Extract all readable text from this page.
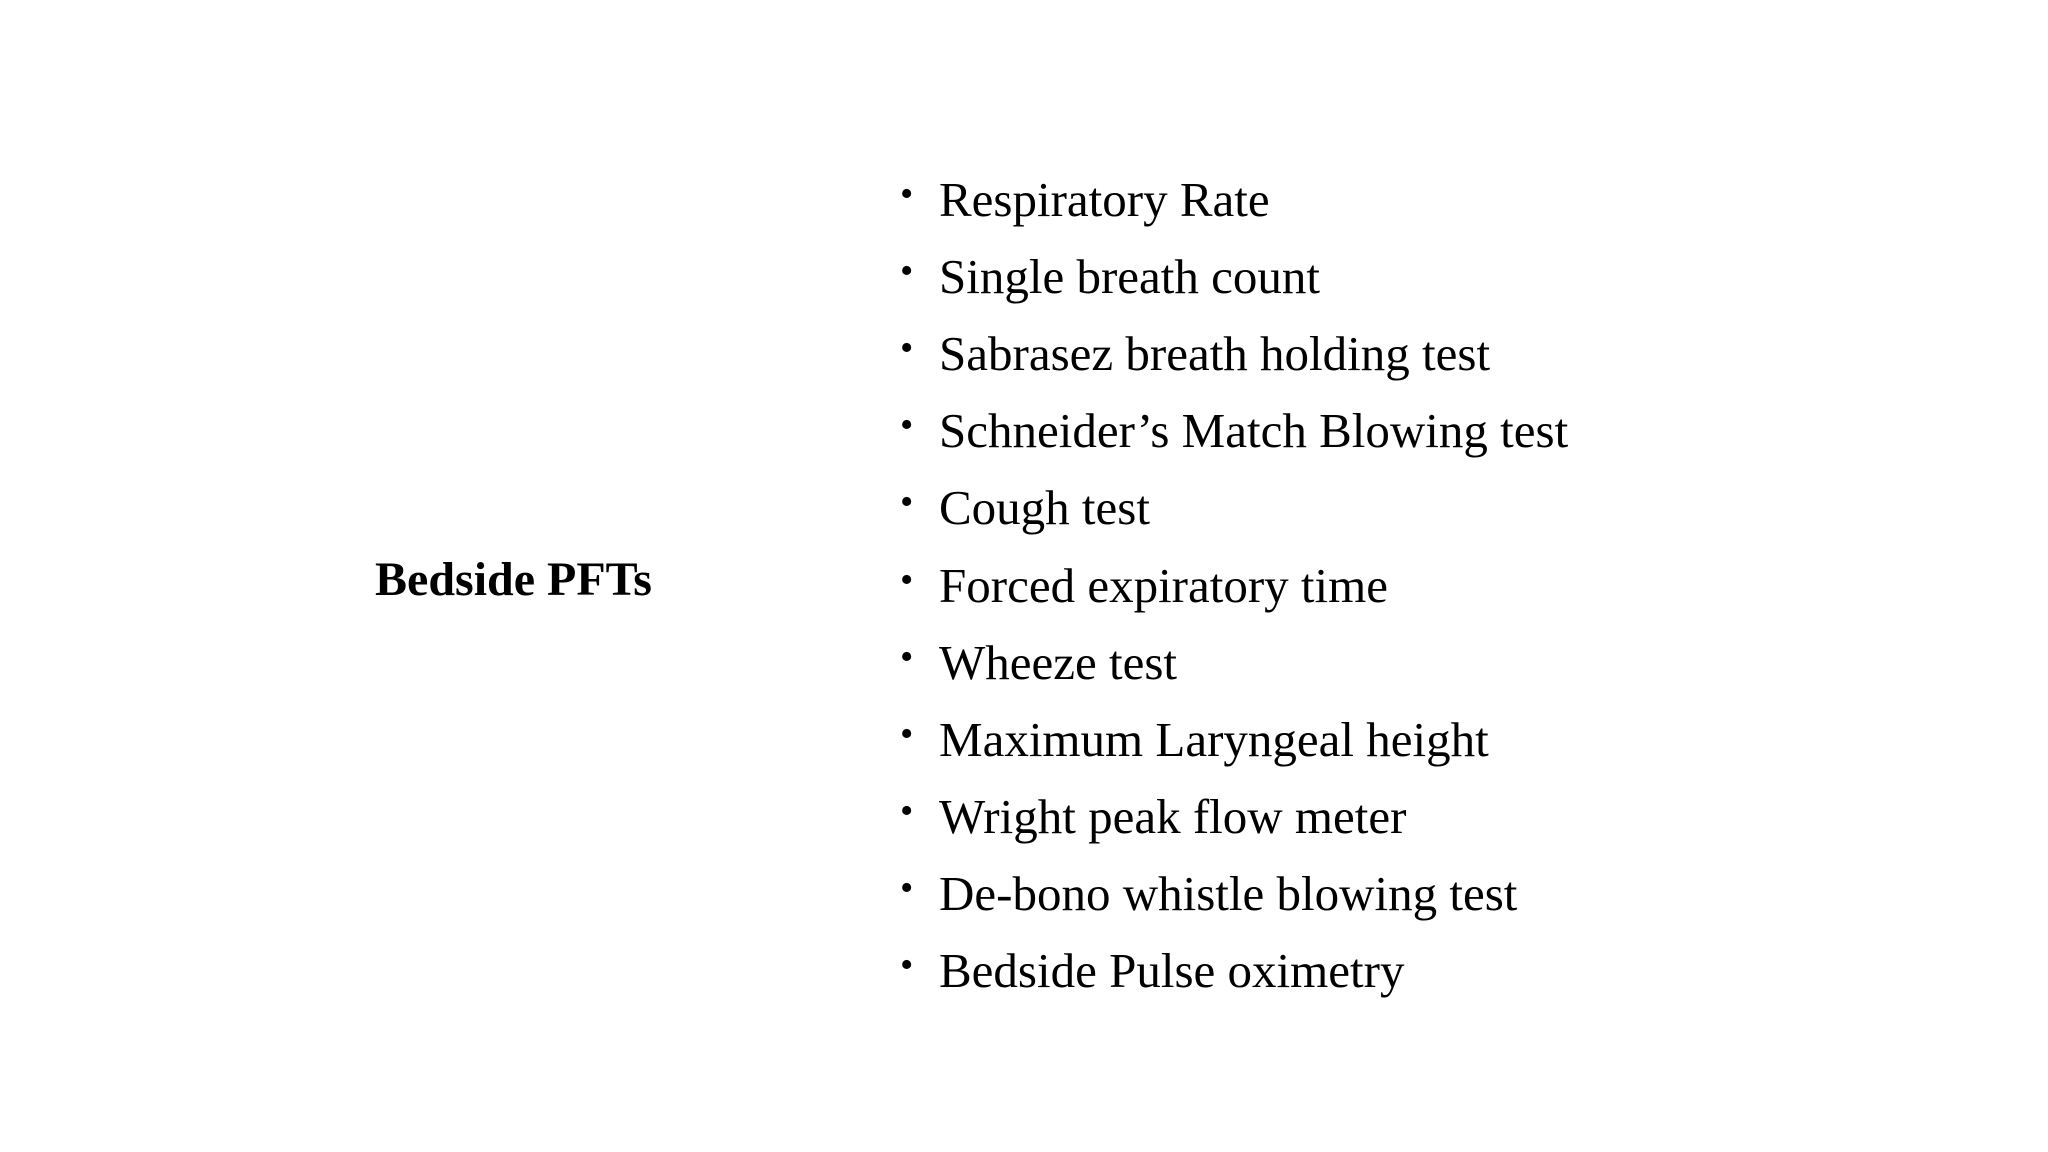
Bedside PFTs
• Respiratory Rate
• Single breath count
• Sabrasez breath holding test
• Schneider’s Match Blowing test
• Cough test
• Forced expiratory time
• Wheeze test
• Maximum Laryngeal height
• Wright peak flow meter
• De-bono whistle blowing test
• Bedside Pulse oximetry
